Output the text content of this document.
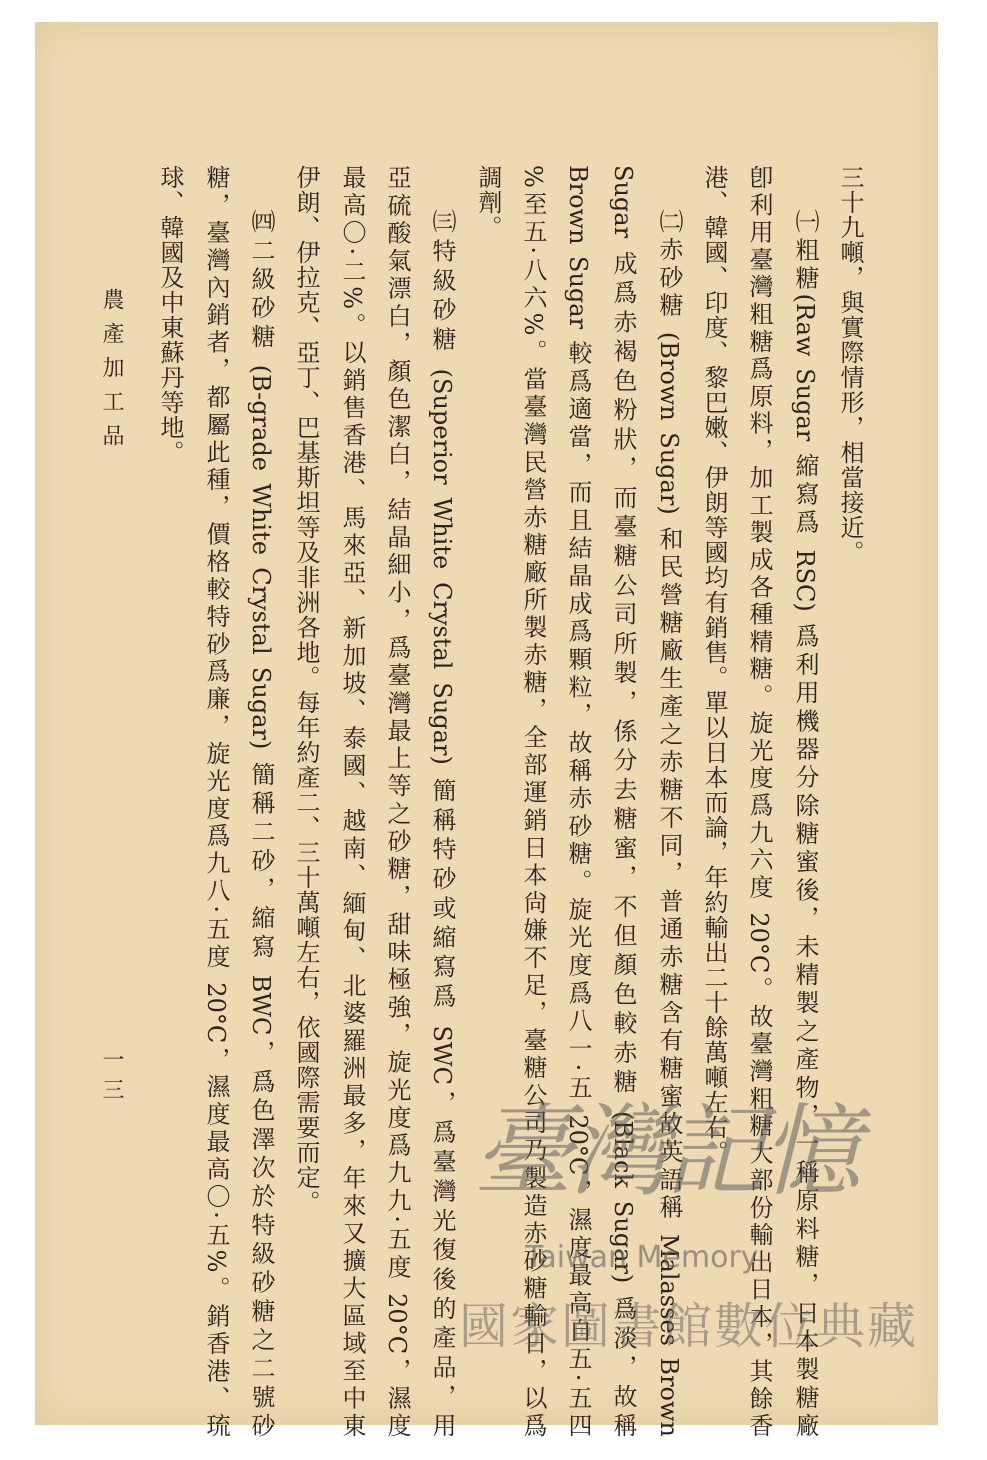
農產加工品
一三
三十九噸，與實際情形，相當接近。
㈠粗糖(Raw Sugar 縮寫爲 RSC) 爲利用機器分除糖蜜後，未精製之產物，一稱原料糖，日本製糖廠
卽利用臺灣粗糖爲原料，加工製成各種精糖。旋光度爲九六度 20°C。故臺灣粗糖大部份輸出日本，其餘香
港、韓國、印度、黎巴嫩、伊朗等國均有銷售。單以日本而論，年約輸出二十餘萬噸左右。
㈡赤砂糖 (Brown Sugar) 和民營糖廠生產之赤糖不同，普通赤糖含有糖蜜故英語稱 Malasses Brown
Sugar 成爲赤褐色粉狀，而臺糖公司所製，係分去糖蜜，不但顏色較赤糖 (Black Sugar) 爲淡，故稱
Brown Sugar 較爲適當，而且結晶成爲顆粒，故稱赤砂糖。旋光度爲八一·五 20°C，濕度最高自五·五四
%至五·八六%。當臺灣民營赤糖廠所製赤糖，全部運銷日本尙嫌不足，臺糖公司乃製造赤砂糖輸日，以爲
調劑。
㈢特級砂糖 (Superior White Crystal Sugar) 簡稱特砂或縮寫爲 SWC，爲臺灣光復後的產品，用
亞硫酸氣漂白，顏色潔白，結晶細小，爲臺灣最上等之砂糖，甜味極強，旋光度爲九九·五度 20°C，濕度
最高〇·二%。以銷售香港、馬來亞、新加坡、泰國、越南、緬甸、北婆羅洲最多，年來又擴大區域至中東
伊朗、伊拉克、亞丁、巴基斯坦等及非洲各地。每年約產二、三十萬噸左右，依國際需要而定。
㈣二級砂糖 (B-grade White Crystal Sugar) 簡稱二砂，縮寫 BWC，爲色澤次於特級砂糖之二號砂
糖，臺灣內銷者，都屬此種，價格較特砂爲廉，旋光度爲九八·五度 20°C，濕度最高〇·五%。銷香港、琉
球、韓國及中東蘇丹等地。
臺灣記憶
Taiwan Memory
國家圖書館數位典藏
